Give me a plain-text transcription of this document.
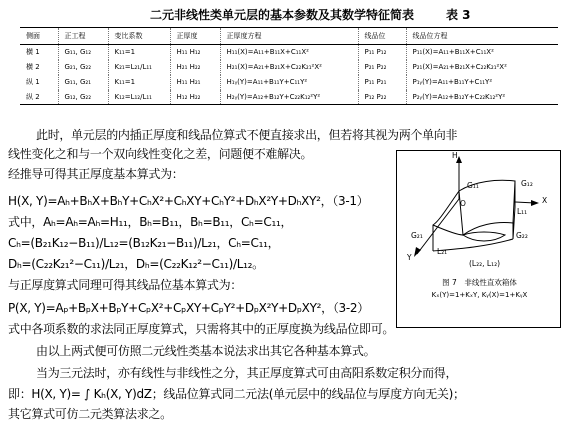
二元非线性类单元层的基本参数及其数学特征简表	表 3
侧面	正工程	变比系数	正厚度	正厚度方程	线品位	线品位方程
横 1	G₁₁, G₁₂	K₁₁=1	H₁₁ H₁₂	H₁₁(X)=A₁₁+B₁₁X+C₁₁X²	P₁₁ P₁₂	P₁₁(X)=A₁₁+B₁₁X+C₁₁X²
横 2	G₂₁, G₂₂	K₂₁=L₂₁/L₁₁	H₂₁ H₂₂	H₂₁(X)=A₂₁+B₂₁X+C₂₂K₂₁²X²	P₂₁ P₂₂	P₂₁(X)=A₂₁+B₂₁X+C₂₂K₂₁²X²
纵 1	G₁₁, G₂₁	K₁₁=1	H₁₁ H₂₁	H₁ᵧ(Y)=A₁₁+B₁₁Y+C₁₁Y²	P₁₁ P₂₁	P₁ᵧ(Y)=A₁₁+B₁₁Y+C₁₁Y²
纵 2	G₁₂, G₂₂	K₁₂=L₁₂/L₁₁	H₁₂ H₂₂	H₂ᵧ(Y)=A₁₂+B₁₂Y+C₂₂K₁₂²Y²	P₁₂ P₂₂	P₂ᵧ(Y)=A₁₂+B₁₂Y+C₂₂K₁₂²Y²
此时，单元层的内插正厚度和线品位算式不便直接求出，但若将其视为两个单向非
线性变化之和与一个双向线性变化之差，问题便不难解决。
经推导可得其正厚度基本算式为：
H(X, Y)=Aₕ+BₕX+BₕY+CₕX²+CₕXY+CₕY²+DₕX²Y+DₕXY²，（3-1）
式中，Aₕ=Aₕ=Aₕ=H₁₁，Bₕ=B₁₁，Bₕ=B₁₁，Cₕ=C₁₁，
Cₕ=(B₂₁K₁₂−B₁₁)/L₁₂=(B₁₂K₂₁−B₁₁)/L₂₁，Cₕ=C₁₁，
Dₕ=(C₂₂K₂₁²−C₁₁)/L₂₁，Dₕ=(C₂₂K₁₂²−C₁₁)/L₁₂。
与正厚度算式同理可得其线品位基本算式为：
P(X, Y)=Aₚ+BₚX+BₚY+CₚX²+CₚXY+CₚY²+DₚX²Y+DₚXY²，（3-2）
式中各项系数的求法同正厚度算式，只需将其中的正厚度换为线品位即可。
由以上两式便可仿照二元线性类基本说法求出其它各种基本算式。
当为三元法时，亦有线性与非线性之分，其正厚度算式可由高阳系数定积分而得，
即：H(X, Y)= ∫ Kₕ(X, Y)dZ；线品位算式同二元法(单元层中的线品位与厚度方向无关)；
其它算式可仿二元类算法求之。
H
X
Y
O
G₁₁	G₁₂
G₂₁	G₂₂
L₁₁
L₂₁
(L₂₂, L₁₂)
图 7　非线性直欢箱体
Kₓ(Y)=1+KₓY, Kᵧ(X)=1+KᵧX
